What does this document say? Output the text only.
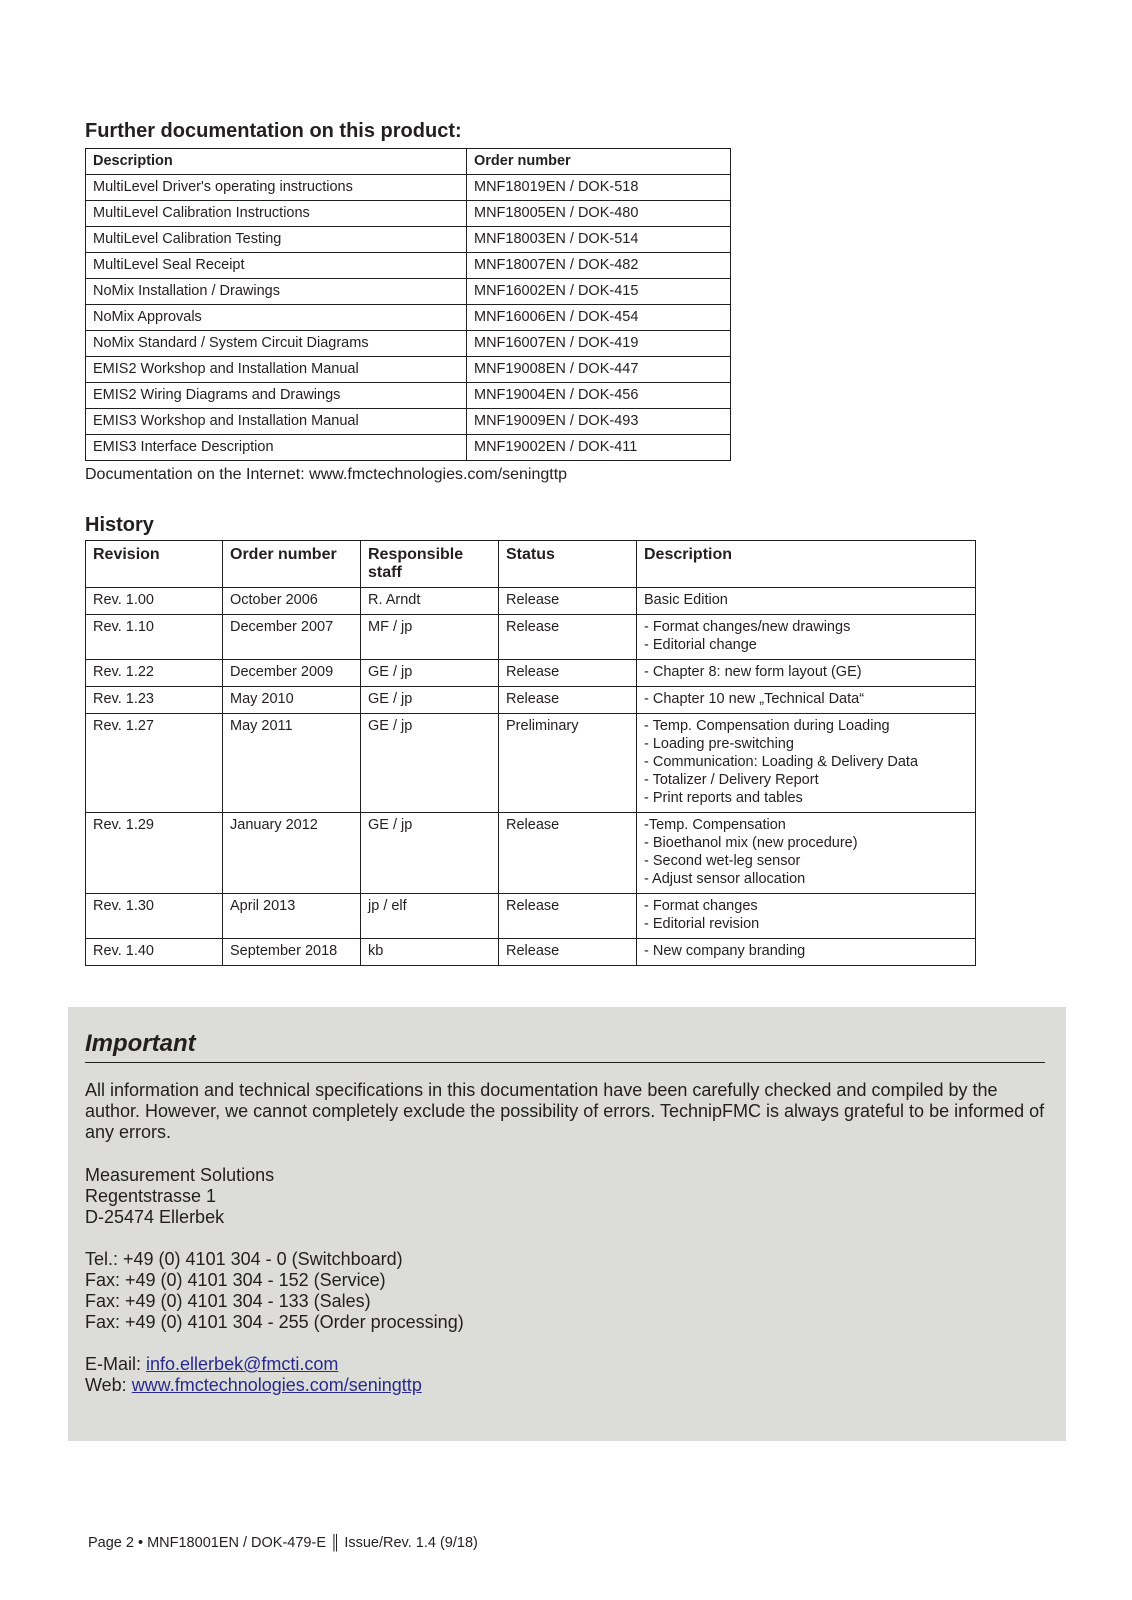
Further documentation on this product:
Description	Order number
MultiLevel Driver's operating instructions	MNF18019EN / DOK-518
MultiLevel Calibration Instructions	MNF18005EN / DOK-480
MultiLevel Calibration Testing	MNF18003EN / DOK-514
MultiLevel Seal Receipt	MNF18007EN / DOK-482
NoMix Installation / Drawings	MNF16002EN / DOK-415
NoMix Approvals	MNF16006EN / DOK-454
NoMix Standard / System Circuit Diagrams	MNF16007EN / DOK-419
EMIS2 Workshop and Installation Manual	MNF19008EN / DOK-447
EMIS2 Wiring Diagrams and Drawings	MNF19004EN / DOK-456
EMIS3 Workshop and Installation Manual	MNF19009EN / DOK-493
EMIS3 Interface Description	MNF19002EN / DOK-411
Documentation on the Internet: www.fmctechnologies.com/seningttp
History
Revision	Order number	Responsible staff	Status	Description
Rev. 1.00	October 2006	R. Arndt	Release	Basic Edition

Rev. 1.10	December 2007	MF / jp	Release	- Format changes/new drawings
- Editorial change

Rev. 1.22	December 2009	GE / jp	Release	- Chapter 8: new form layout (GE)

Rev. 1.23	May 2010	GE / jp	Release	- Chapter 10 new „Technical Data“

Rev. 1.27	May 2011	GE / jp	Preliminary	- Temp. Compensation during Loading
- Loading pre-switching
- Communication: Loading & Delivery Data
- Totalizer / Delivery Report
- Print reports and tables

Rev. 1.29	January 2012	GE / jp	Release	-Temp. Compensation
- Bioethanol mix (new procedure)
- Second wet-leg sensor
- Adjust sensor allocation

Rev. 1.30	April 2013	jp / elf	Release	- Format changes
- Editorial revision

Rev. 1.40	September 2018	kb	Release	- New company branding
Important
All information and technical specifications in this documentation have been carefully checked and compiled by the author. However, we cannot completely exclude the possibility of errors. TechnipFMC is always grateful to be informed of any errors.
Measurement Solutions
Regentstrasse 1
D-25474 Ellerbek
Tel.: +49 (0) 4101 304 - 0 (Switchboard)
Fax: +49 (0) 4101 304 - 152 (Service)
Fax: +49 (0) 4101 304 - 133 (Sales)
Fax: +49 (0) 4101 304 - 255 (Order processing)
E-Mail: info.ellerbek@fmcti.com
Web: www.fmctechnologies.com/seningttp
Page 2 • MNF18001EN / DOK-479-E ║ Issue/Rev. 1.4 (9/18)
